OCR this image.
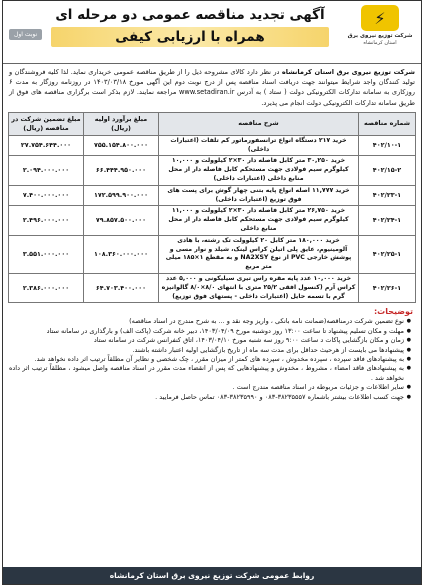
⚡
شرکت توزیع نیروی برق
استان کرمانشاه
آگهی تجدید مناقصه عمومی دو مرحله ای
همراه با ارزیابی کیفی
نوبت اول
شرکت توزیع نیروی برق استان کرمانشاه در نظر دارد کالای مشروحه ذیل را از طریق مناقصه عمومی خریداری نماید. لذا کلیه فروشندگان و تولید کنندگان واجد شرایط میتوانند جهت دریافت اسناد مناقصه پس از درج نوبت دوم این آگهی مورخ ۱۴۰۳/۰۳/۱۸ در روزنامه روزگار به مدت ۶ روزکاری به سامانه تدارکات الکترونیکی دولت ( ستاد ) به آدرس www.setadiran.ir مراجعه نمایند. لازم بذکر است برگزاری مناقصه های فوق از طریق سامانه تدارکات الکترونیکی دولت انجام می پذیرد.
شماره مناقصه	شرح مناقصه	مبلغ برآورد اولیه (ریال)	مبلغ تضمین شرکت در مناقصه (ریال)
۴۰۲/۱۰-۱	خرید ۲۱۷ دستگاه انواع ترانسفورماتور کم تلفات (اعتبارات داخلی)	۷۵۵.۱۵۴.۸۰۰.۰۰۰	۲۷.۷۵۴.۶۴۴.۰۰۰
۴۰۲/۱۵-۲	خرید ۳۰,۲۵۰ متر کابل فاصله دار ۳۰×۲ کیلوولت و ۱۰,۰۰۰ کیلوگرم سیم فولادی جهت مستحکم کابل فاصله دار از محل منابع داخلی (اعتبارات داخلی)	۶۶.۴۴۴.۹۵۰.۰۰۰	۲.۰۹۴.۰۰۰.۰۰۰
۴۰۲/۲۳-۱	خرید ۱۱,۷۷۷ اصله انواع پایه بتنی چهار گوش برای پست های فوق توزیع (اعتبارات داخلی)	۱۷۲.۵۹۹.۹۰۰.۰۰۰	۷.۴۰۰.۰۰۰.۰۰۰
۴۰۲/۲۴-۱	خرید ۲۶,۷۵۰ متر کابل فاصله دار ۳۰×۲ کیلوولت و ۱۱,۰۰۰ کیلوگرم سیم فولادی جهت مستحکم کابل فاصله دار از محل منابع داخلی	۷۹.۸۵۷.۵۰۰.۰۰۰	۲.۴۹۶.۰۰۰.۰۰۰
۴۰۲/۲۵-۱	خرید ۱۸۰,۰۰۰ متر کابل ۲۰ کیلوولت تک رشته، با هادی آلومینیوم، عایق پلی اتیلن کراس لینک، شیلد و نوار مسی و پوشش خارجی PVC از نوع NA2XSY و به مقطع ۱×۱۸۵ میلی متر مربع	۱۰۸.۳۶۰.۰۰۰.۰۰۰	۳.۵۵۱.۰۰۰.۰۰۰
۴۰۲/۲۶-۱	خرید ۱۰,۰۰۰ عدد پایه مقره راس تیری سیلیکونی و ۵,۰۰۰ عدد کراس آرم (کنسول افقی ۲۵/۲ متری با انتهای ۸/۰×۸/۰ گالوانیزه گرم با تسمه حایل (اعتبارات داخلی - پستهای فوق توزیع)	۶۴.۷۰۳.۴۰۰.۰۰۰	۲.۳۸۶.۰۰۰.۰۰۰
توضیحات:
● نوع تضمین شرکت درمناقصه(ضمانت نامه بانکی ، واریز وجه نقد و ... به شرح مندرج در اسناد مناقصه)
● مهلت و مکان تسلیم پیشنهاد تا ساعت ۱۳:۰۰ روز دوشنبه مورخ ۱۴۰۳/۰۴/۰۹، دبیر خانه شرکت (پاکت الف) و بارگذاری در سامانه ستاد
● زمان و مکان بازگشایی پاکات د ساعت ۹:۰۰ روز سه شنبه مورخ ۱۴۰۳/۰۴/۱۰، اتاق کنفرانس شرکت در سامانه ستاد
● پیشنهادها می بایست از هرحیث حداقل برای مدت سه ماه از تاریخ بازگشایی اولیه اعتبار داشته باشند.
● به پیشنهادهای فاقد سپرده ، سپرده مخدوش ، سپرده های کمتر از میزان مقرر ، چک شخصی و نظایر آن مطلقاً ترتیب اثر داده نخواهد شد.
● به پیشنهادهای فاقد امضاء ، مشروط ، مخدوش و پیشنهادهایی که پس از انقضاء مدت مقرر در اسناد مناقصه واصل میشود ، مطلقاً ترتیب اثر داده نخواهد شد .
● سایر اطلاعات و جزئیات مربوطه در اسناد مناقصه مندرج است .
● جهت کسب اطلاعات بیشتر باشماره ۳۸۲۳۵۵۵۷-۰۸۳ و ۳۸۲۳۵۹۹۰-۰۸۳ تماس حاصل فرمایید .
روابط عمومی شرکت توزیع نیروی برق استان کرمانشاه
